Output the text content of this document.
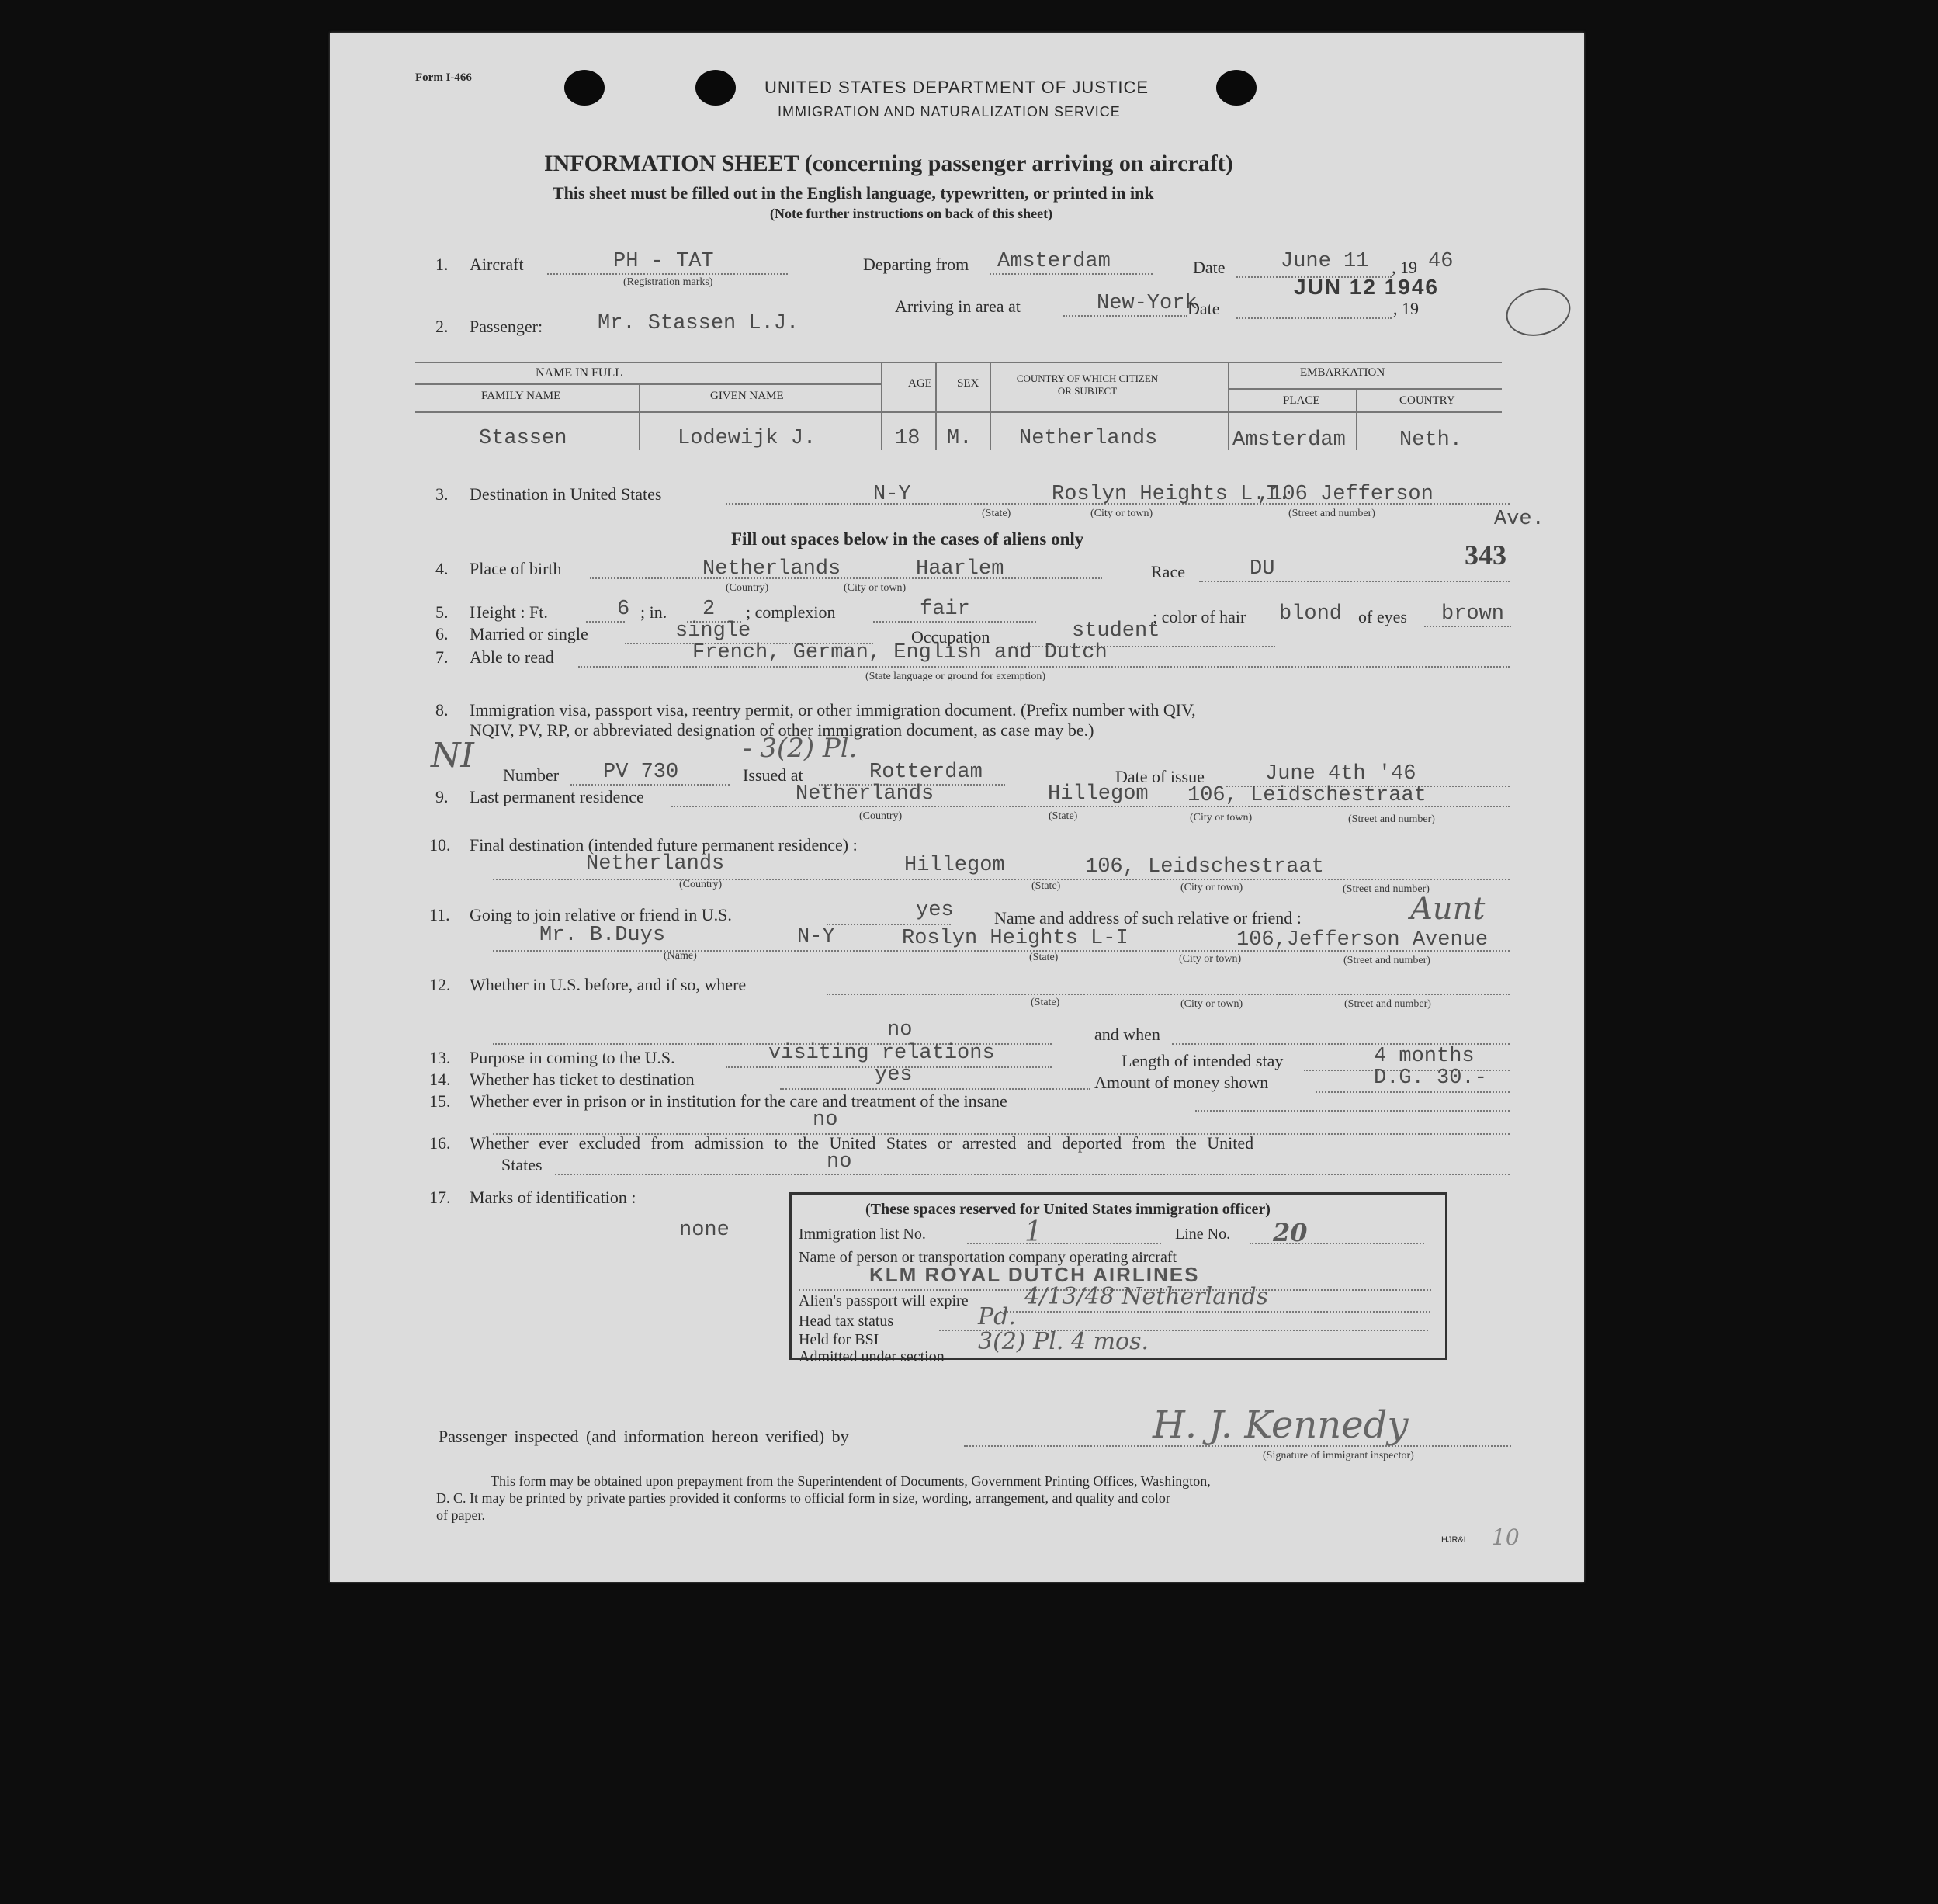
Form I-466	UNITED STATES DEPARTMENT OF JUSTICE
IMMIGRATION AND NATURALIZATION SERVICE
INFORMATION SHEET (concerning passenger arriving on aircraft)
This sheet must be filled out in the English language, typewritten, or printed in ink
(Note further instructions on back of this sheet)
1. Aircraft	PH - TAT
(Registration marks)
Departing from Amsterdam	Date	June 11 , 19 46
Arriving in area at	New-York
Date	, 19
JUN 12 1946
2. Passenger:	Mr. Stassen L.J.
NAME IN FULL
FAMILY NAME	GIVEN NAME
AGE SEX	COUNTRY OF WHICH CITIZEN OR SUBJECT
EMBARKATION
PLACE	COUNTRY
Stassen	Lodewijk J.	18 M. Netherlands	Amsterdam	Neth.
3. Destination in United States	N-Y	Roslyn Heights L.I.
,106 Jefferson
Ave.
(State)	(City or town)	(Street and number)
343
Fill out spaces below in the cases of aliens only
4. Place of birth	Netherlands	Haarlem
(Country)	(City or town)
Race	DU
5. Height : Ft.	6 ; in. 2 ; complexion	fair	; color of hair blond of eyes brown
6. Married or single	single	Occupation	student
7. Able to read	French, German, English and Dutch
(State language or ground for exemption)
8. Immigration visa, passport visa, reentry permit, or other immigration document. (Prefix number with QIV,
NQIV, PV, RP, or abbreviated designation of other immigration document, as case may be.)
NI	- 3(2) Pl.
Number PV 730	Issued at	Rotterdam	Date of issue	June 4th '46
9. Last permanent residence	Netherlands	Hillegom 106, Leidschestraat
(Country)	(State)	(City or town)	(Street and number)
10. Final destination (intended future permanent residence) :
Netherlands	Hillegom	106, Leidschestraat
(Country)	(State)	(City or town)	(Street and number)
11. Going to join relative or friend in U.S.	yes Name and address of such relative or friend :	Aunt
Mr. B.Duys	N-Y	Roslyn Heights L-I	106,Jefferson Avenue
(Name)	(State)	(City or town)	(Street and number)
12. Whether in U.S. before, and if so, where
(State)	(City or town)	(Street and number)
no	and when
13. Purpose in coming to the U.S.	visiting relations	Length of intended stay	4 months
14. Whether has ticket to destination	yes	Amount of money shown	D.G. 30.-
15. Whether ever in prison or in institution for the care and treatment of the insane
no
16. Whether ever excluded from admission to the United States or arrested and deported from the United
States	no
17. Marks of identification :
none
(These spaces reserved for United States immigration officer)
Immigration list No.	1	Line No. 20
Name of person or transportation company operating aircraft
KLM ROYAL DUTCH AIRLINES
Alien's passport will expire 4/13/48 Netherlands
Head tax status	Pd.
Held for BSI
Admitted under section
3(2) Pl. 4 mos.
Passenger inspected (and information hereon verified) by	H. J. Kennedy
(Signature of immigrant inspector)
This form may be obtained upon prepayment from the Superintendent of Documents, Government Printing Offices, Washington,
D. C. It may be printed by private parties provided it conforms to official form in size, wording, arrangement, and quality and color
of paper.
HJR&L 10
